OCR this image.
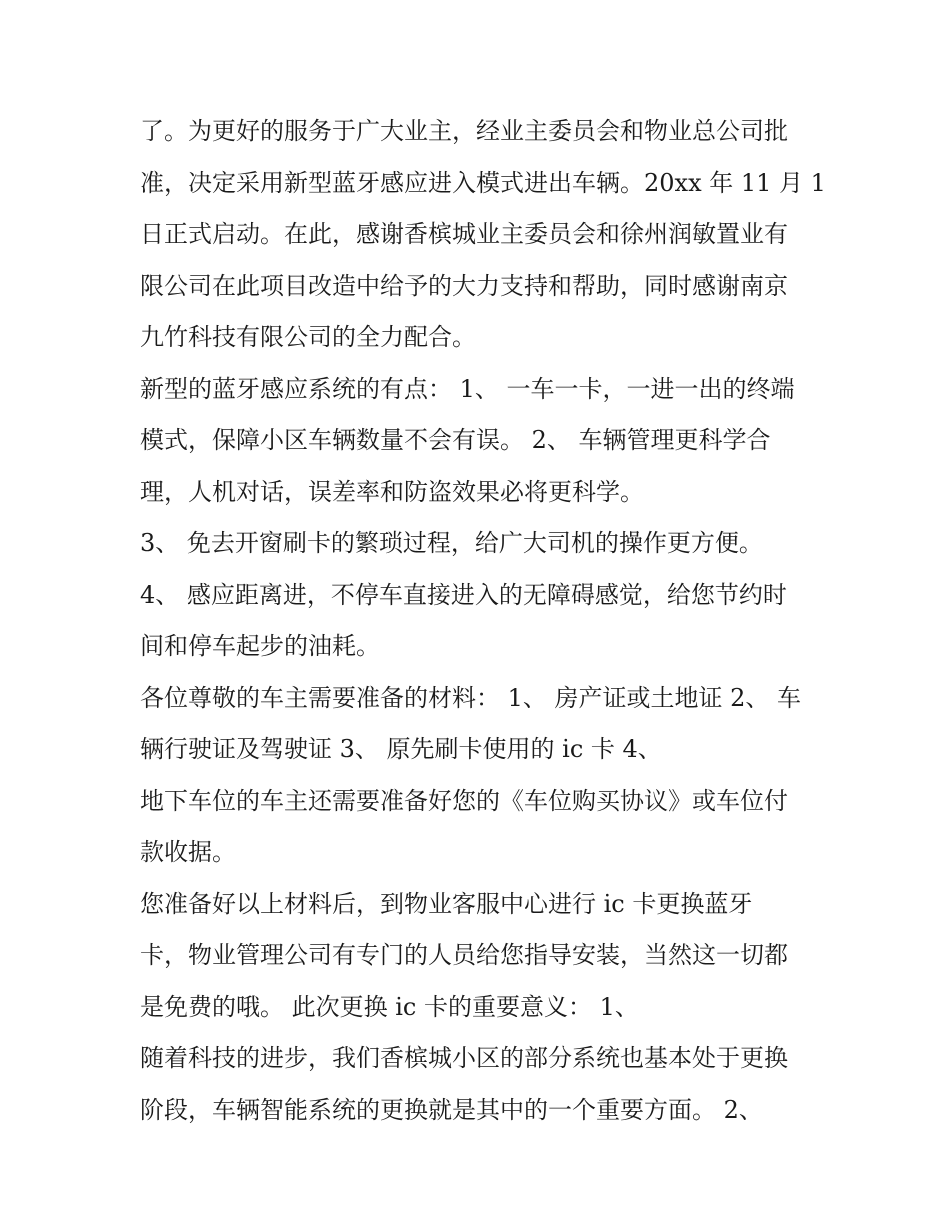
了。为更好的服务于广大业主，经业主委员会和物业总公司批
准，决定采用新型蓝牙感应进入模式进出车辆。20xx 年 11 月 1
日正式启动。在此，感谢香槟城业主委员会和徐州润敏置业有
限公司在此项目改造中给予的大力支持和帮助，同时感谢南京
九竹科技有限公司的全力配合。
新型的蓝牙感应系统的有点： 1、 一车一卡，一进一出的终端
模式，保障小区车辆数量不会有误。 2、 车辆管理更科学合
理，人机对话，误差率和防盗效果必将更科学。
3、 免去开窗刷卡的繁琐过程，给广大司机的操作更方便。
4、 感应距离进，不停车直接进入的无障碍感觉，给您节约时
间和停车起步的油耗。
各位尊敬的车主需要准备的材料： 1、 房产证或土地证 2、 车
辆行驶证及驾驶证 3、 原先刷卡使用的 ic 卡 4、
地下车位的车主还需要准备好您的《车位购买协议》或车位付
款收据。
您准备好以上材料后，到物业客服中心进行 ic 卡更换蓝牙
卡，物业管理公司有专门的人员给您指导安装，当然这一切都
是免费的哦。 此次更换 ic 卡的重要意义： 1、
随着科技的进步，我们香槟城小区的部分系统也基本处于更换
阶段，车辆智能系统的更换就是其中的一个重要方面。 2、
